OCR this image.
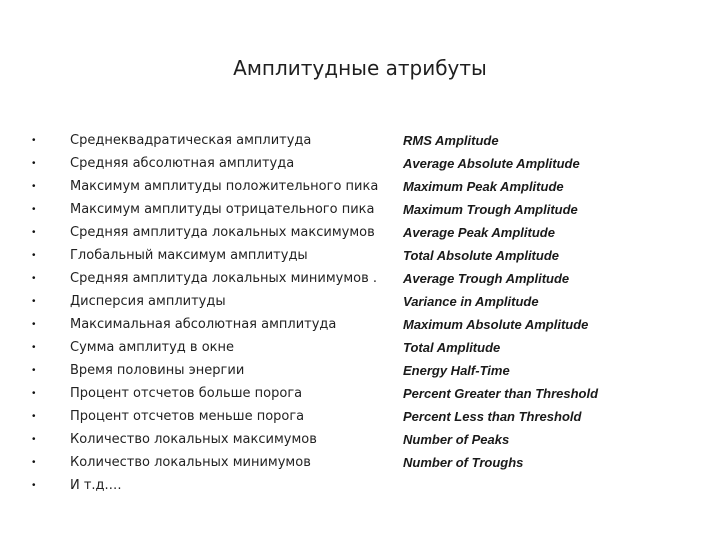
Амплитудные атрибуты
•	Среднеквадратическая амплитуда	RMS Amplitude
•	Средняя абсолютная амплитуда	Average Absolute Amplitude
•	Максимум амплитуды положительного пика Maximum Peak Amplitude
•	Максимум амплитуды отрицательного пика Maximum Trough Amplitude
•	Средняя амплитуда локальных максимумов Average Peak Amplitude
•	Глобальный максимум амплитуды	Total Absolute Amplitude
•	Средняя амплитуда локальных минимумов . Average Trough Amplitude
•	Дисперсия амплитуды	Variance in Amplitude
•	Максимальная абсолютная амплитуда	Maximum Absolute Amplitude
•	Сумма амплитуд в окне	Total Amplitude
•	Время половины энергии	Energy Half-Time
•	Процент отсчетов больше порога	Percent Greater than Threshold
•	Процент отсчетов меньше порога	Percent Less than Threshold
•	Количество локальных максимумов	Number of Peaks
•	Количество локальных минимумов	Number of Troughs
•	И т.д.…
